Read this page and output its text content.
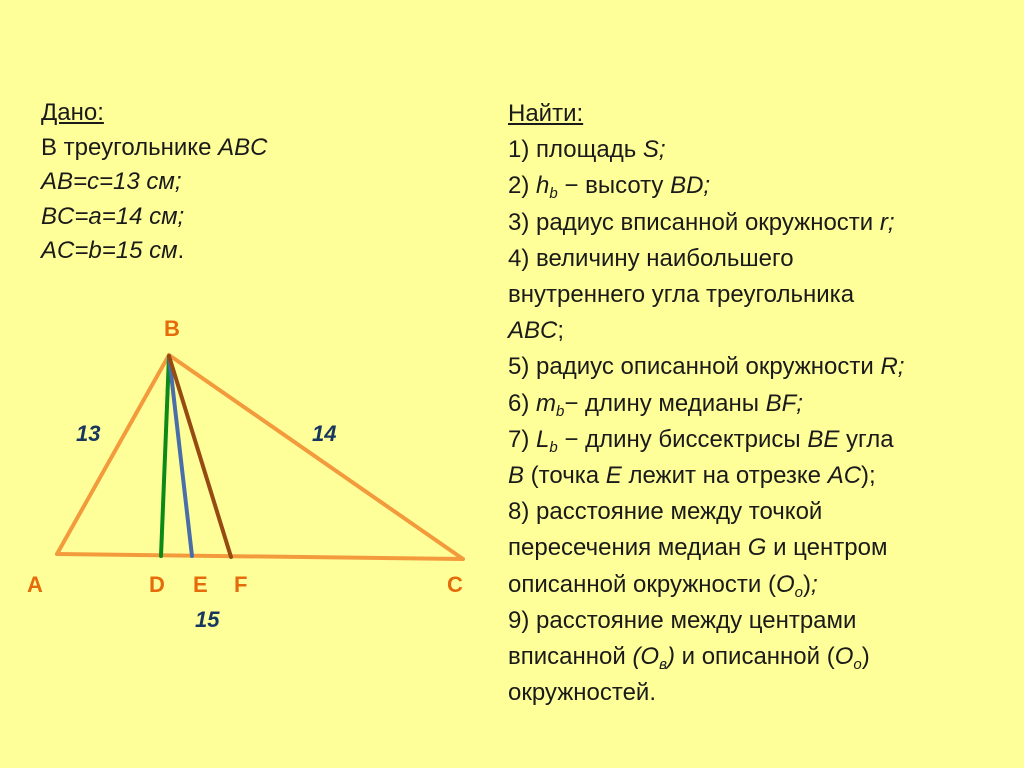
Дано:
В треугольнике ABC
AB=c=13 см;
BC=a=14 см;
AC=b=15 см.
Найти:
1) площадь S;
2) $h_b$ − высоту BD;
3) радиус вписанной окружности r;
4) величину наибольшего
внутреннего угла треугольника
ABC;
5) радиус описанной окружности R;
6) $m_b-$ длину медианы BF;
7) $L_b$ − длину биссектрисы BE угла
B (точка E лежит на отрезке AC);
8) расстояние между точкой
пересечения медиан G и центром
описанной окружности $(O_o)$;
9) расстояние между центрами
вписанной $(O_в)$ и описанной $(O_o)$
окружностей.
B
A	D E F	C
13	14
15
